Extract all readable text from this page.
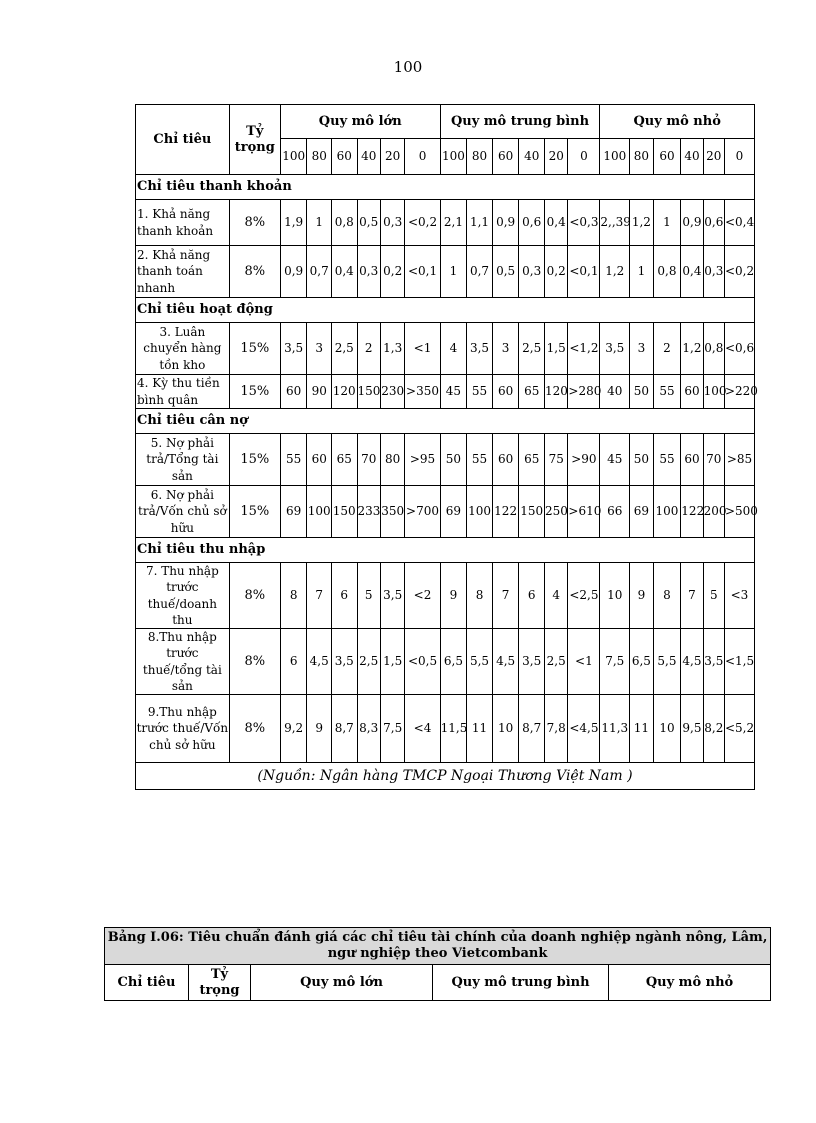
100
Chỉ tiêu	Tỷ trọng	Quy mô lớn						Quy mô trung bình						Quy mô nhỏ					
		100	80	60	40	20	0	100	80	60	40	20	0	100	80	60	40	20	0
Chỉ tiêu thanh khoản																			
1. Khả năng thanh khoản	8%	1,9	1	0,8	0,5	0,3	<0,2	2,1	1,1	0,9	0,6	0,4	<0,3	2,,39	1,2	1	0,9	0,6	<0,4
2. Khả năng thanh toán nhanh	8%	0,9	0,7	0,4	0,3	0,2	<0,1	1	0,7	0,5	0,3	0,2	<0,1	1,2	1	0,8	0,4	0,3	<0,2
Chỉ tiêu hoạt động																			
3. Luân chuyển hàng tồn kho	15%	3,5	3	2,5	2	1,3	<1	4	3,5	3	2,5	1,5	<1,2	3,5	3	2	1,2	0,8	<0,6
4. Kỳ thu tiền bình quân	15%	60	90	120	150	230	>350	45	55	60	65	120	>280	40	50	55	60	100	>220
Chỉ tiêu cân nợ																			
5. Nợ phải trả/Tổng tài sản	15%	55	60	65	70	80	>95	50	55	60	65	75	>90	45	50	55	60	70	>85
6. Nợ phải trả/Vốn chủ sở hữu	15%	69	100	150	233	350	>700	69	100	122	150	250	>610	66	69	100	122	200	>500
Chỉ tiêu thu nhập																			
7. Thu nhập trước thuế/doanh thu	8%	8	7	6	5	3,5	<2	9	8	7	6	4	<2,5	10	9	8	7	5	<3
8.Thu nhập trước thuế/tổng tài sản	8%	6	4,5	3,5	2,5	1,5	<0,5	6,5	5,5	4,5	3,5	2,5	<1	7,5	6,5	5,5	4,5	3,5	<1,5
9.Thu nhập trước thuế/Vốn chủ sở hữu	8%	9,2	9	8,7	8,3	7,5	<4	11,5	11	10	8,7	7,8	<4,5	11,3	11	10	9,5	8,2	<5,2
(Nguồn: Ngân hàng TMCP Ngoại Thương Việt Nam )																			
Bảng I.06: Tiêu chuẩn đánh giá các chỉ tiêu tài chính của doanh nghiệp ngành nông, Lâm, ngư nghiệp theo Vietcombank
Chỉ tiêu	Tỷ trọng	Quy mô lớn	Quy mô trung bình	Quy mô nhỏ
